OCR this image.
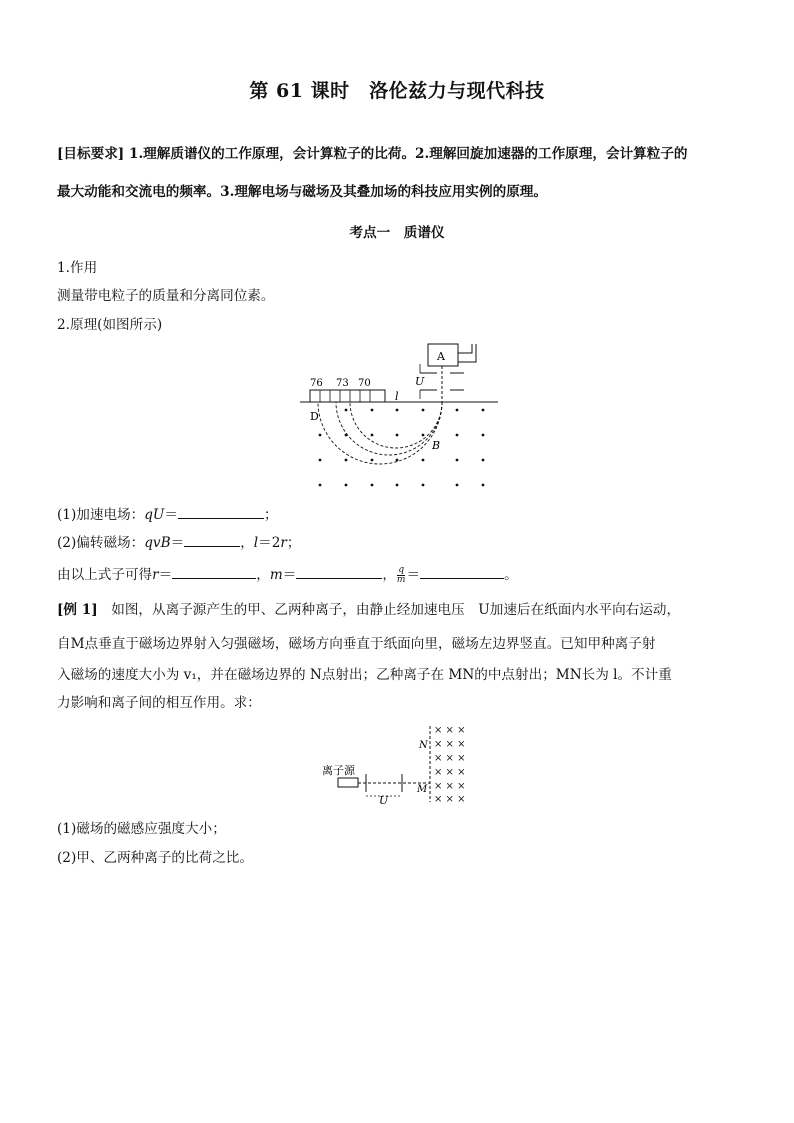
第 61 课时　洛伦兹力与现代科技
[目标要求] 1.理解质谱仪的工作原理，会计算粒子的比荷。2.理解回旋加速器的工作原理，会计算粒子的
最大动能和交流电的频率。3.理解电场与磁场及其叠加场的科技应用实例的原理。
考点一　质谱仪
1.作用
测量带电粒子的质量和分离同位素。
2.原理(如图所示)
A
U
76 73 70
l
D
B
(1)加速电场：qU＝	；
(2)偏转磁场：qvB＝	，l＝2r；
由以上式子可得r＝	，m＝	， $\frac{q}{m}$ ＝	。
[例 1]　如图，从离子源产生的甲、乙两种离子，由静止经加速电压　U加速后在纸面内水平向右运动，
自M点垂直于磁场边界射入匀强磁场，磁场方向垂直于纸面向里，磁场左边界竖直。已知甲种离子射
入磁场的速度大小为 v₁，并在磁场边界的 N点射出；乙种离子在 MN的中点射出；MN长为 l。不计重
力影响和离子间的相互作用。求：
离子源
U
N
M
× × ×
× × ×
× × ×
× × ×
× × ×
× × ×
(1)磁场的磁感应强度大小；
(2)甲、乙两种离子的比荷之比。
